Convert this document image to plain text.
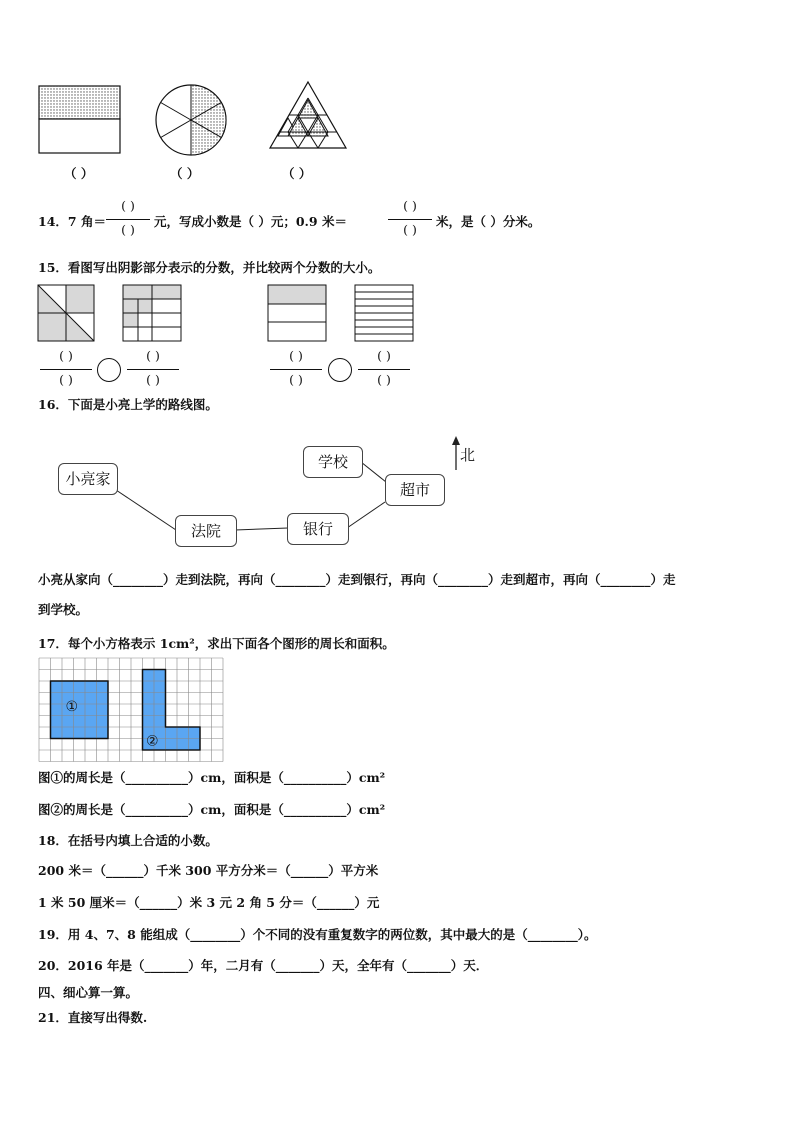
（ ）	（ ）	（ ）
14．7 角＝
( )
( )
元，写成小数是（ ）元；0.9 米＝
( )
( )
米，是（ ）分米。
15．看图写出阴影部分表示的分数，并比较两个分数的大小。
( )
( )
( )
( )
( )
( )
( )
( )
16．下面是小亮上学的路线图。
小亮家
法院	银行
学校
超市
北
小亮从家向（________）走到法院，再向（________）走到银行，再向（________）走到超市，再向（________）走
到学校。
17．每个小方格表示 1cm²，求出下面各个图形的周长和面积。
①
②
图①的周长是（__________）cm，面积是（__________）cm²
图②的周长是（__________）cm，面积是（__________）cm²
18．在括号内填上合适的小数。
200 米＝（______）千米 300 平方分米＝（______）平方米
1 米 50 厘米＝（______）米 3 元 2 角 5 分＝（______）元
19．用 4、7、8 能组成（________）个不同的没有重复数字的两位数，其中最大的是（________）。
20．2016 年是（_______）年，二月有（_______）天，全年有（_______）天．
四、细心算一算。
21．直接写出得数.
